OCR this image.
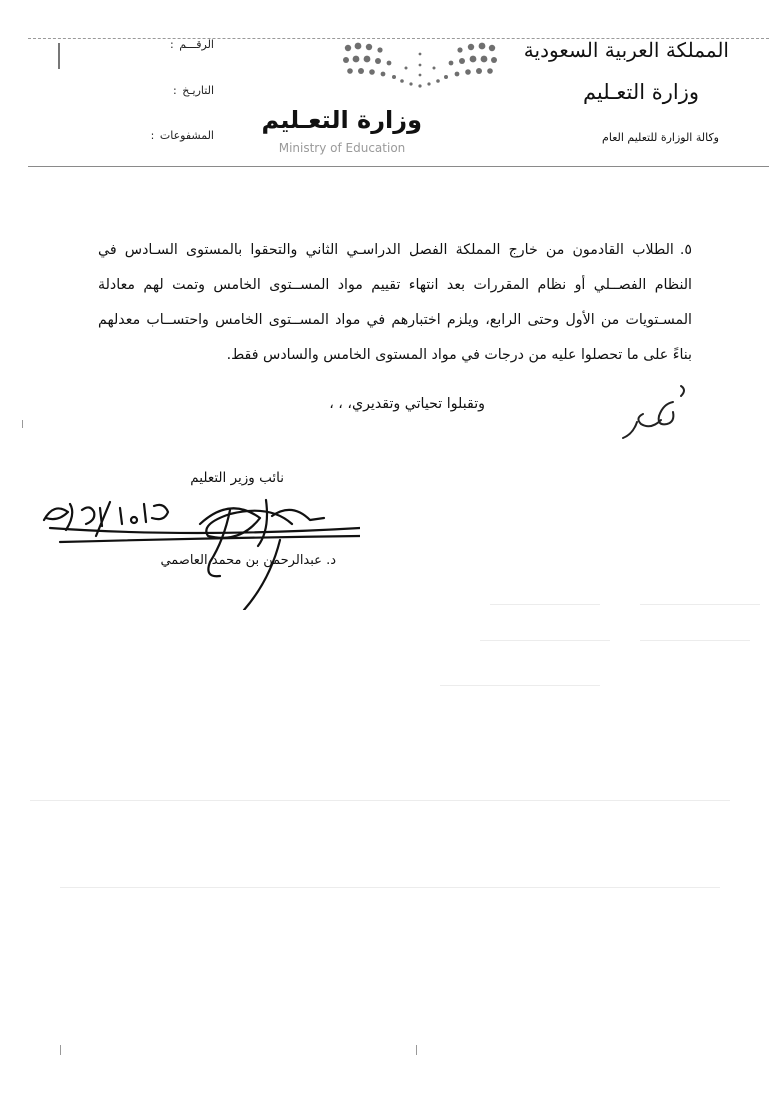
المملكة العربية السعودية
وزارة التعـليم
وكالة الوزارة للتعليم العام
الرقـــم :
التاريـخ :
المشفوعات :
وزارة التعـليم
Ministry of Education
٥.الطلاب القادمون من خارج المملكة الفصل الدراسـي الثاني والتحقوا بالمستوى السـادس في النظام الفصــلي أو نظام المقررات بعد انتهاء تقييم مواد المســتوى الخامس وتمت لهم معادلة المسـتويات من الأول وحتى الرابع، ويلزم اختبارهم في مواد المســتوى الخامس واحتســاب معدلهم بناءً على ما تحصلوا عليه من درجات في مواد المستوى الخامس والسادس فقط.
وتقبلوا تحياتي وتقديري، ، ،
نائب وزير التعليم
د. عبدالرحمن بن محمد العاصمي
